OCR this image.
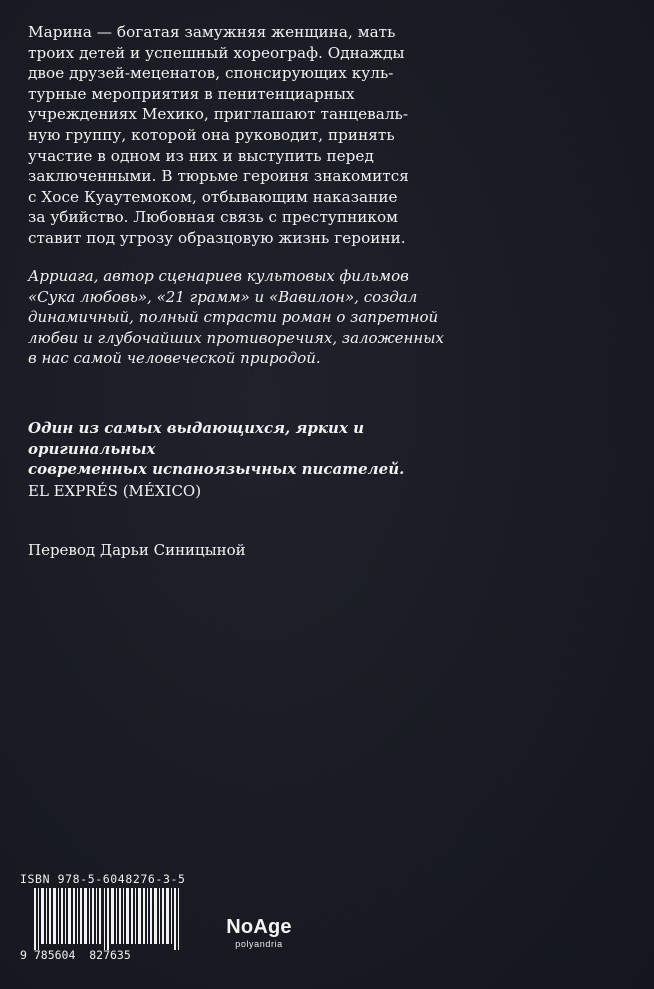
Марина — богатая замужняя женщина, мать
троих детей и успешный хореограф. Однажды
двое друзей-меценатов, спонсирующих куль-
турные мероприятия в пенитенциарных
учреждениях Мехико, приглашают танцеваль-
ную группу, которой она руководит, принять
участие в одном из них и выступить перед
заключенными. В тюрьме героиня знакомится
с Хосе Куаутемоком, отбывающим наказание
за убийство. Любовная связь с преступником
ставит под угрозу образцовую жизнь героини.
Арриага, автор сценариев культовых фильмов
«Сука любовь», «21 грамм» и «Вавилон», создал
динамичный, полный страсти роман о запретной
любви и глубочайших противоречиях, заложенных
в нас самой человеческой природой.
Один из самых выдающихся, ярких и оригинальных
современных испаноязычных писателей.
EL EXPRÉS (MÉXICO)
Перевод Дарьи Синицыной
ISBN 978-5-6048276-3-5
9 785604  827635
NoAge
polyandria
